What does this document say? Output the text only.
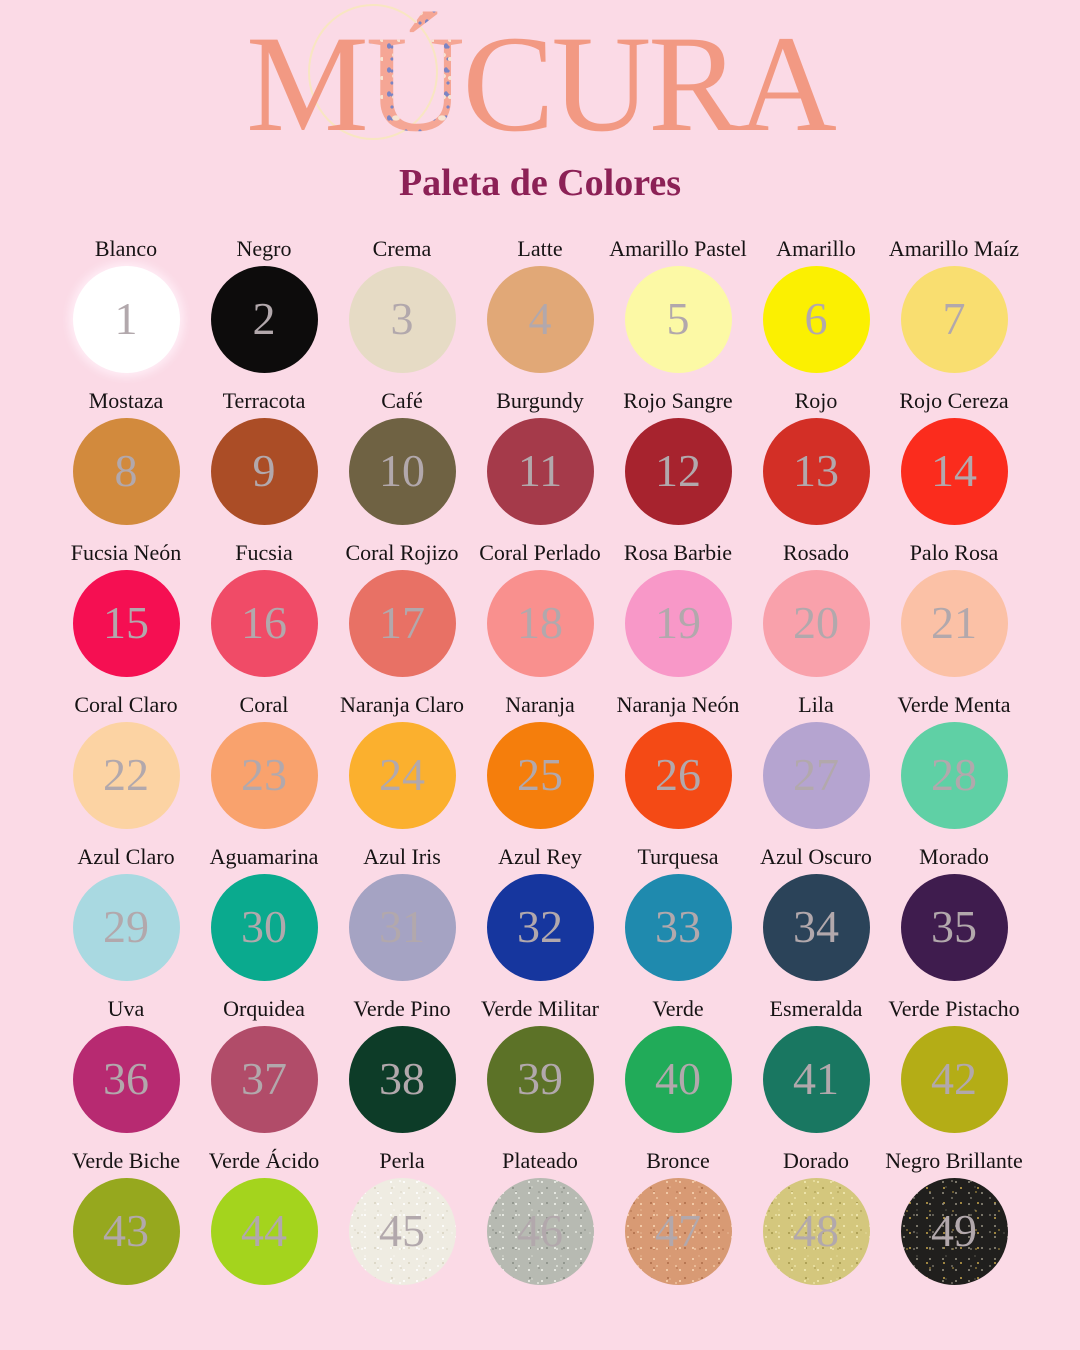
MÚCURA
Paleta de Colores
Blanco
1
Negro
2
Crema
3
Latte
4
Amarillo Pastel
5
Amarillo
6
Amarillo Maíz
7
Mostaza
8
Terracota
9
Café
10
Burgundy
11
Rojo Sangre
12
Rojo
13
Rojo Cereza
14
Fucsia Neón
15
Fucsia
16
Coral Rojizo
17
Coral Perlado
18
Rosa Barbie
19
Rosado
20
Palo Rosa
21
Coral Claro
22
Coral
23
Naranja Claro
24
Naranja
25
Naranja Neón
26
Lila
27
Verde Menta
28
Azul Claro
29
Aguamarina
30
Azul Iris
31
Azul Rey
32
Turquesa
33
Azul Oscuro
34
Morado
35
Uva
36
Orquidea
37
Verde Pino
38
Verde Militar
39
Verde
40
Esmeralda
41
Verde Pistacho
42
Verde Biche
43
Verde Ácido
44
Perla
45
Plateado
46
Bronce
47
Dorado
48
Negro Brillante
49
